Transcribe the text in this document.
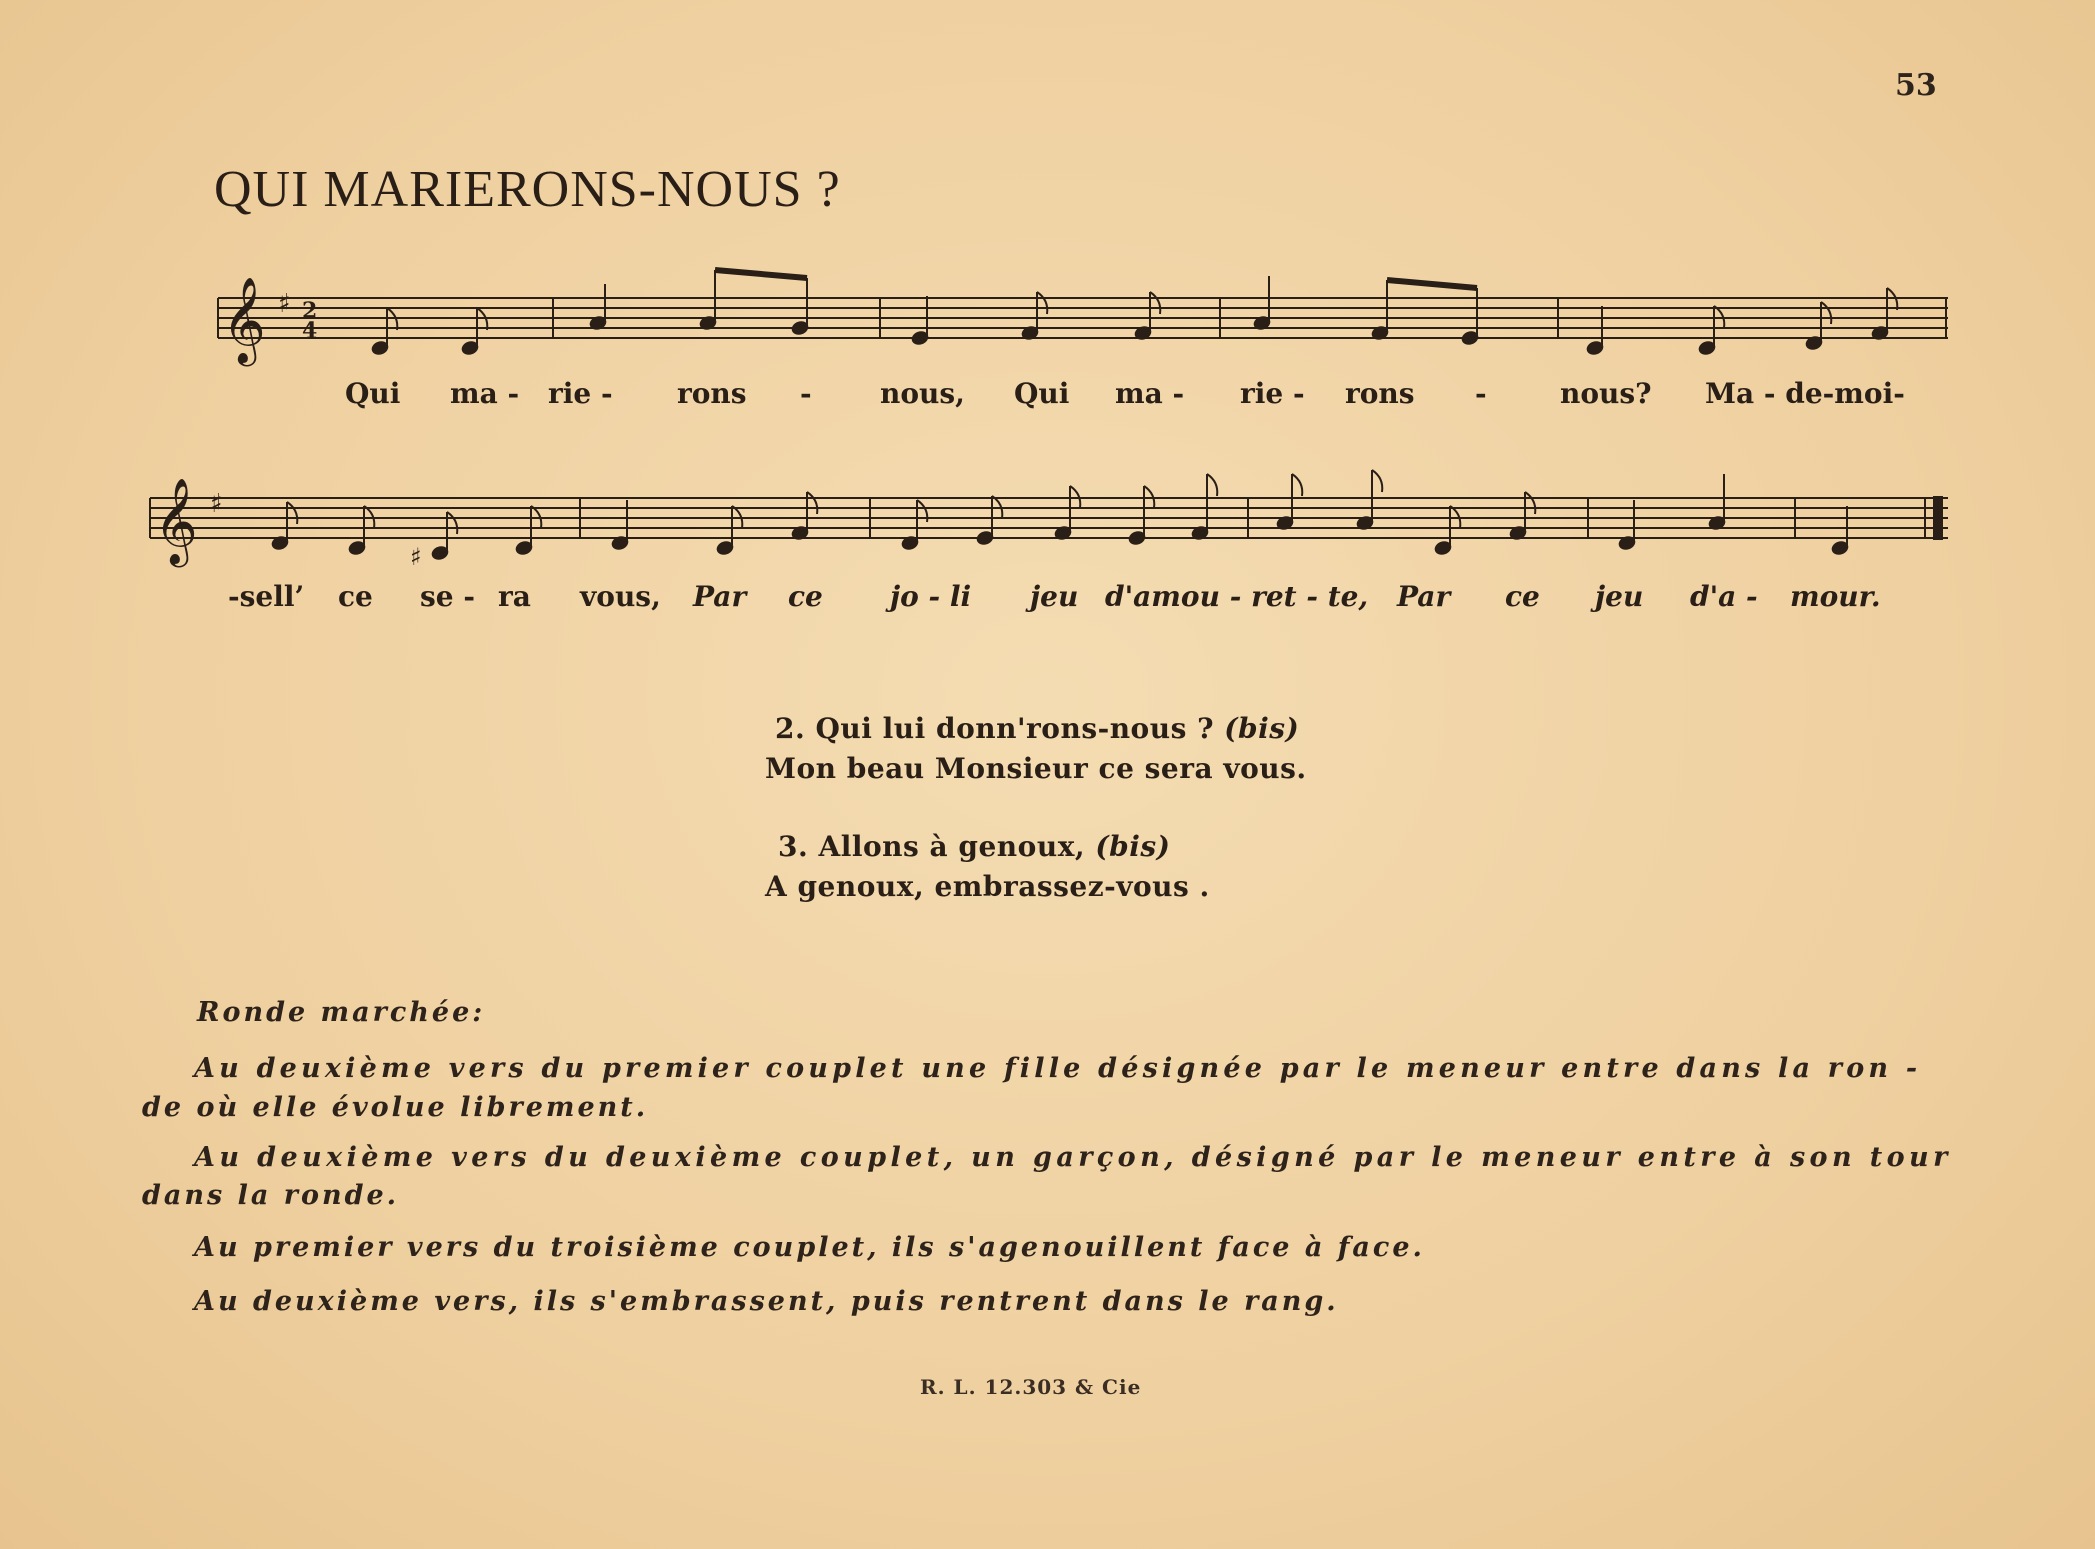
53
QUI MARIERONS-NOUS ?
𝄞 ♯ 2
4
𝄞 ♯
♯
Qui ma - rie - rons - nous, Qui ma - rie - rons -	nous? Ma - de-moi-
-sell’ ce se - ra vous, Par ce jo - li jeu d'amou - ret - te, Par ce jeu d'a - mour.
2. Qui lui donn'rons-nous ? (bis)
Mon beau Monsieur ce sera vous.
3. Allons à genoux, (bis)
A genoux, embrassez-vous .
Ronde marchée:
Au deuxième vers du premier couplet une fille désignée par le meneur entre dans la ron -
de où elle évolue librement.
Au deuxième vers du deuxième couplet, un garçon, désigné par le meneur entre à son tour
dans la ronde.
Au premier vers du troisième couplet, ils s'agenouillent face à face.
Au deuxième vers, ils s'embrassent, puis rentrent dans le rang.
R. L. 12.303 & Cie
